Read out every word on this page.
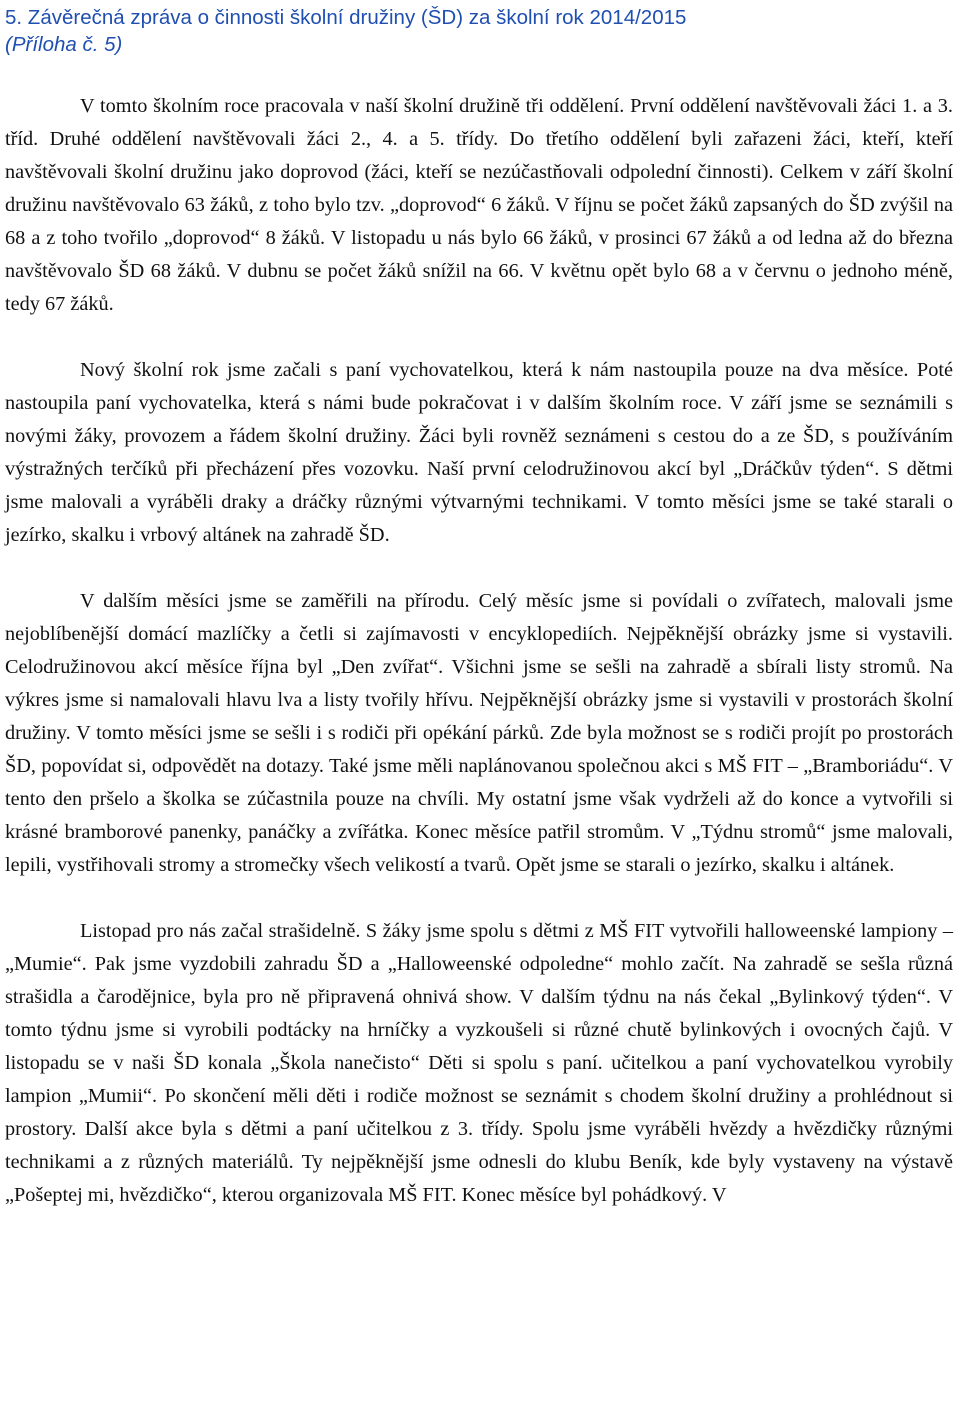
5. Závěrečná zpráva o činnosti školní družiny (ŠD) za školní rok 2014/2015
(Příloha č. 5)

V tomto školním roce pracovala v naší školní družině tři oddělení. První oddělení navštěvovali žáci 1. a 3. tříd. Druhé oddělení navštěvovali žáci 2., 4. a 5. třídy. Do třetího oddělení byli zařazeni žáci, kteří, kteří navštěvovali školní družinu jako doprovod (žáci, kteří se nezúčastňovali odpolední činnosti). Celkem v září školní družinu navštěvovalo 63 žáků, z toho bylo tzv. „doprovod“ 6 žáků. V říjnu se počet žáků zapsaných do ŠD zvýšil na 68 a z toho tvořilo „doprovod“ 8 žáků. V listopadu u nás bylo 66 žáků, v prosinci 67 žáků a od ledna až do března navštěvovalo ŠD 68 žáků. V dubnu se počet žáků snížil na 66. V květnu opět bylo 68 a v červnu o jednoho méně, tedy 67 žáků.

Nový školní rok jsme začali s paní vychovatelkou, která k nám nastoupila pouze na dva měsíce. Poté nastoupila paní vychovatelka, která s námi bude pokračovat i v dalším školním roce. V září jsme se seznámili s novými žáky, provozem a řádem školní družiny. Žáci byli rovněž seznámeni s cestou do a ze ŠD, s používáním výstražných terčíků při přecházení přes vozovku. Naší první celodružinovou akcí byl „Dráčkův týden“. S dětmi jsme malovali a vyráběli draky a dráčky různými výtvarnými technikami. V tomto měsíci jsme se také starali o jezírko, skalku i vrbový altánek na zahradě ŠD.

V dalším měsíci jsme se zaměřili na přírodu. Celý měsíc jsme si povídali o zvířatech, malovali jsme nejoblíbenější domácí mazlíčky a četli si zajímavosti v encyklopediích. Nejpěknější obrázky jsme si vystavili. Celodružinovou akcí měsíce října byl „Den zvířat“. Všichni jsme se sešli na zahradě a sbírali listy stromů. Na výkres jsme si namalovali hlavu lva a listy tvořily hřívu. Nejpěknější obrázky jsme si vystavili v prostorách školní družiny. V tomto měsíci jsme se sešli i s rodiči při opékání párků. Zde byla možnost se s rodiči projít po prostorách ŠD, popovídat si, odpovědět na dotazy. Také jsme měli naplánovanou společnou akci s MŠ FIT – „Bramboriádu“. V tento den pršelo a školka se zúčastnila pouze na chvíli. My ostatní jsme však vydrželi až do konce a vytvořili si krásné bramborové panenky, panáčky a zvířátka. Konec měsíce patřil stromům. V „Týdnu stromů“ jsme malovali, lepili, vystřihovali stromy a stromečky všech velikostí a tvarů. Opět jsme se starali o jezírko, skalku i altánek.

Listopad pro nás začal strašidelně. S žáky jsme spolu s dětmi z MŠ FIT vytvořili halloweenské lampiony – „Mumie“. Pak jsme vyzdobili zahradu ŠD a „Halloweenské odpoledne“ mohlo začít. Na zahradě se sešla různá strašidla a čarodějnice, byla pro ně připravená ohnivá show. V dalším týdnu na nás čekal „Bylinkový týden“. V tomto týdnu jsme si vyrobili podtácky na hrníčky a vyzkoušeli si různé chutě bylinkových i ovocných čajů. V listopadu se v naši ŠD konala „Škola nanečisto“ Děti si spolu s paní. učitelkou a paní vychovatelkou vyrobily lampion „Mumii“. Po skončení měli děti i rodiče možnost se seznámit s chodem školní družiny a prohlédnout si prostory. Další akce byla s dětmi a paní učitelkou z 3. třídy. Spolu jsme vyráběli hvězdy a hvězdičky různými technikami a z různých materiálů. Ty nejpěknější jsme odnesli do klubu Beník, kde byly vystaveny na výstavě „Pošeptej mi, hvězdičko“, kterou organizovala MŠ FIT. Konec měsíce byl pohádkový. V
